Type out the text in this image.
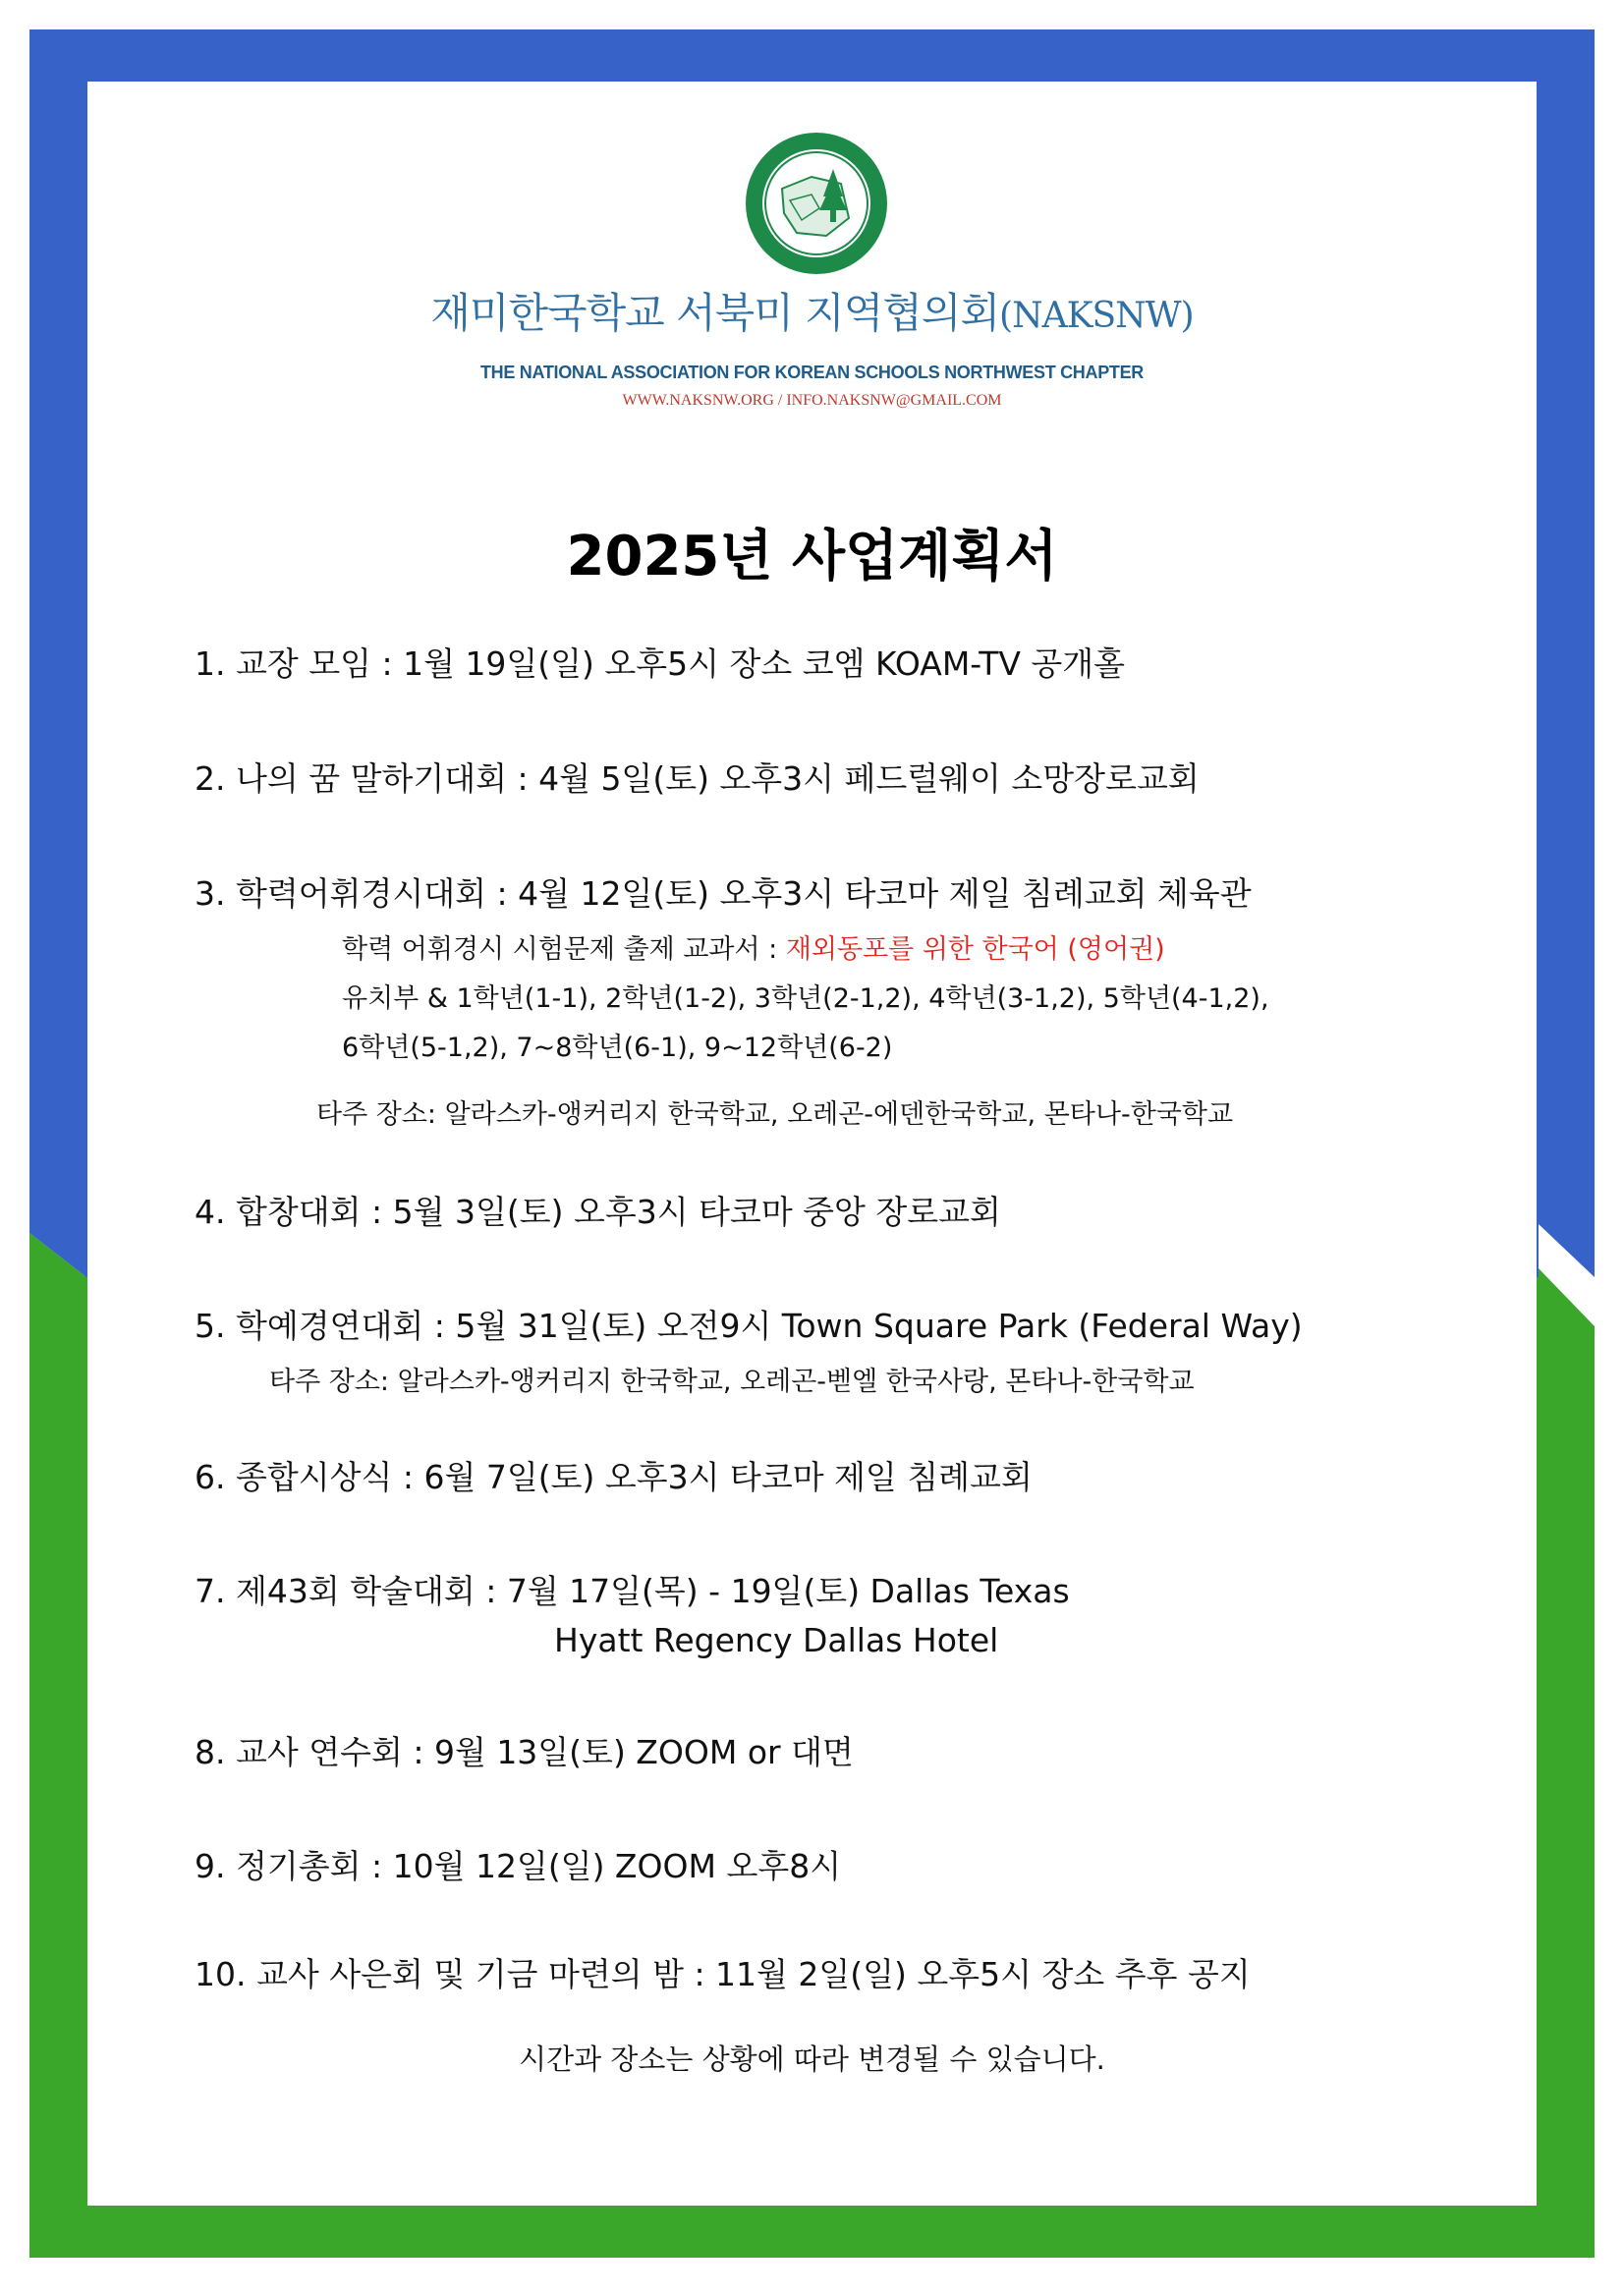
재미한국학교 서북미 지역협의회(NAKSNW)
THE NATIONAL ASSOCIATION FOR KOREAN SCHOOLS NORTHWEST CHAPTER
WWW.NAKSNW.ORG / INFO.NAKSNW@GMAIL.COM
2025년 사업계획서
1. 교장 모임 : 1월 19일(일) 오후5시 장소 코엠 KOAM-TV 공개홀
2. 나의 꿈 말하기대회 : 4월 5일(토) 오후3시 페드럴웨이 소망장로교회
3. 학력어휘경시대회 : 4월 12일(토) 오후3시 타코마 제일 침례교회 체육관
학력 어휘경시 시험문제 출제 교과서 : 재외동포를 위한 한국어 (영어권)
유치부 & 1학년(1-1), 2학년(1-2), 3학년(2-1,2), 4학년(3-1,2), 5학년(4-1,2),
6학년(5-1,2), 7~8학년(6-1), 9~12학년(6-2)
타주 장소: 알라스카-앵커리지 한국학교, 오레곤-에덴한국학교, 몬타나-한국학교
4. 합창대회 : 5월 3일(토) 오후3시 타코마 중앙 장로교회
5. 학예경연대회 : 5월 31일(토) 오전9시 Town Square Park (Federal Way)
타주 장소: 알라스카-앵커리지 한국학교, 오레곤-벧엘 한국사랑, 몬타나-한국학교
6. 종합시상식 : 6월 7일(토) 오후3시 타코마 제일 침례교회
7. 제43회 학술대회 : 7월 17일(목) - 19일(토) Dallas Texas
Hyatt Regency Dallas Hotel
8. 교사 연수회 : 9월 13일(토) ZOOM or 대면
9. 정기총회 : 10월 12일(일) ZOOM 오후8시
10. 교사 사은회 및 기금 마련의 밤 : 11월 2일(일) 오후5시 장소 추후 공지
시간과 장소는 상황에 따라 변경될 수 있습니다.
